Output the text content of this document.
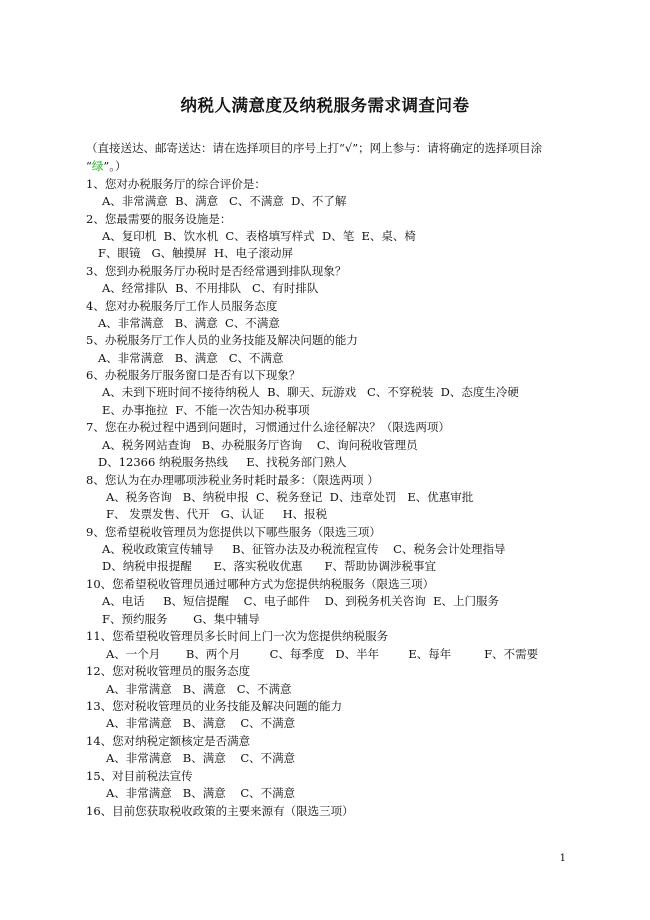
纳税人满意度及纳税服务需求调查问卷
（直接送达、邮寄送达：请在选择项目的序号上打“√”；网上参与：请将确定的选择项目涂
“绿”。）
1、您对办税服务厅的综合评价是：
A、非常满意  B、满意   C、不满意  D、不了解
2、您最需要的服务设施是：
A、复印机  B、饮水机  C、表格填写样式  D、笔  E、桌、椅
F、眼镜   G、触摸屏  H、电子滚动屏
3、您到办税服务厅办税时是否经常遇到排队现象？
A、经常排队  B、不用排队   C、有时排队
4、您对办税服务厅工作人员服务态度
A、非常满意   B、满意  C、不满意
5、办税服务厅工作人员的业务技能及解决问题的能力
A、非常满意   B、满意   C、不满意
6、办税服务厅服务窗口是否有以下现象？
A、未到下班时间不接待纳税人  B、聊天、玩游戏   C、不穿税装  D、态度生冷硬
E、办事拖拉  F、不能一次告知办税事项
7、您在办税过程中遇到问题时，习惯通过什么途径解决？（限选两项）
A、税务网站查询   B、办税服务厅咨询    C、询问税收管理员
D、12366 纳税服务热线     E、找税务部门熟人
8、您认为在办理哪项涉税业务时耗时最多：（限选两项 ）
A、税务咨询   B、纳税申报  C、税务登记  D、违章处罚   E、优惠审批
F、 发票发售、代开   G、认证     H、报税
9、您希望税收管理员为您提供以下哪些服务（限选三项）
A、税收政策宣传辅导     B、征管办法及办税流程宣传    C、税务会计处理指导
D、纳税申报提醒      E、落实税收优惠      F、帮助协调涉税事宜
10、您希望税收管理员通过哪种方式为您提供纳税服务（限选三项）
A、电话     B、短信提醒    C、电子邮件    D、到税务机关咨询  E、上门服务
F、预约服务       G、集中辅导
11、您希望税收管理员多长时间上门一次为您提供纳税服务
A、一个月       B、两个月        C、每季度   D、半年        E、每年         F、不需要
12、您对税收管理员的服务态度
A、非常满意   B、满意   C、不满意
13、您对税收管理员的业务技能及解决问题的能力
A、非常满意   B、满意    C、不满意
14、您对纳税定额核定是否满意
A、非常满意   B、满意    C、不满意
15、对目前税法宣传
A、非常满意   B、满意    C、不满意
16、目前您获取税收政策的主要来源有（限选三项）
1
